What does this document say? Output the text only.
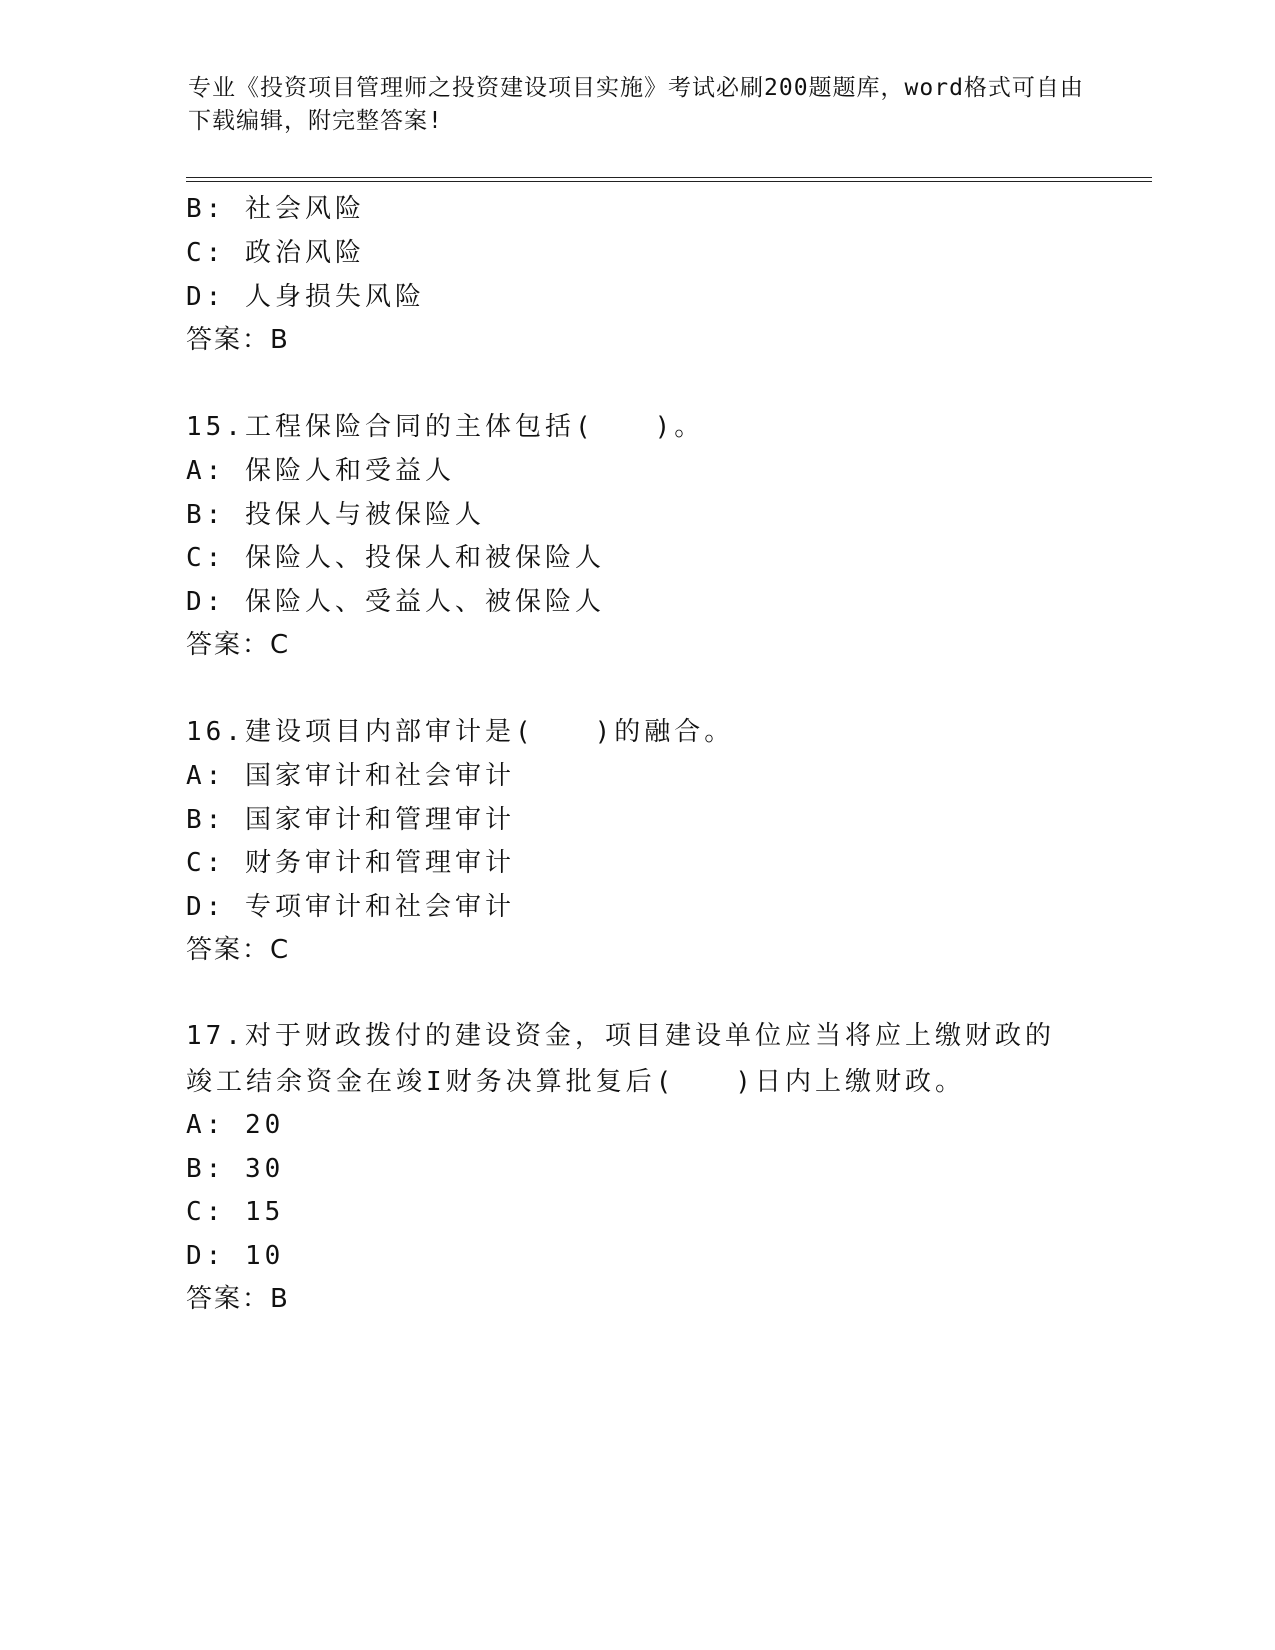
专业《投资项目管理师之投资建设项目实施》考试必刷200题题库，word格式可自由下载编辑，附完整答案!
B: 社会风险
C: 政治风险
D: 人身损失风险
答案：B
15.工程保险合同的主体包括(　　)。
A: 保险人和受益人
B: 投保人与被保险人
C: 保险人、投保人和被保险人
D: 保险人、受益人、被保险人
答案：C
16.建设项目内部审计是(　　)的融合。
A: 国家审计和社会审计
B: 国家审计和管理审计
C: 财务审计和管理审计
D: 专项审计和社会审计
答案：C
17.对于财政拨付的建设资金，项目建设单位应当将应上缴财政的竣工结余资金在竣I财务决算批复后(　　)日内上缴财政。
A: 20
B: 30
C: 15
D: 10
答案：B
